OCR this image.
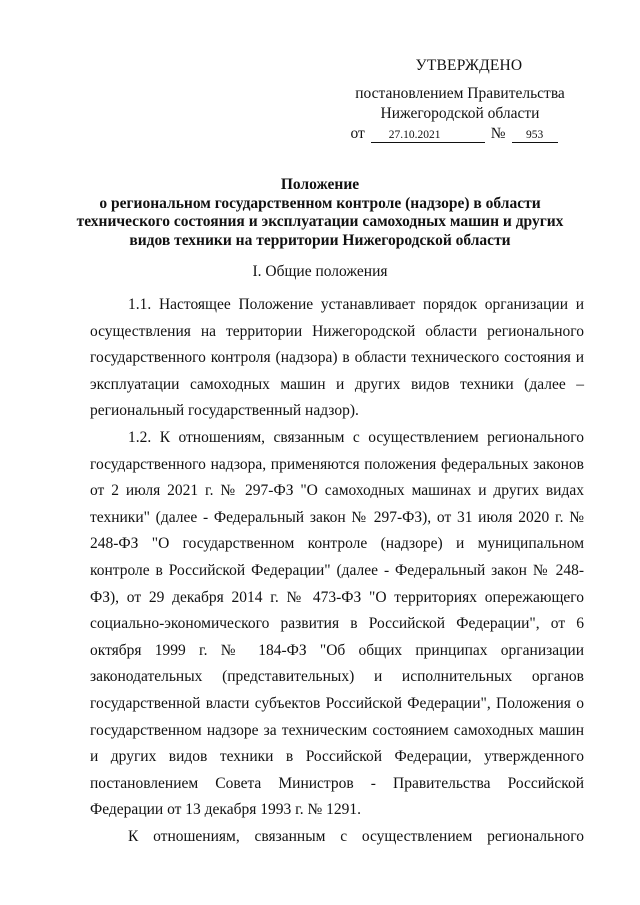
УТВЕРЖДЕНО
постановлением Правительства
Нижегородской области
от	27.10.2021	№	953
Положение
о региональном государственном контроле (надзоре) в области
технического состояния и эксплуатации самоходных машин и других
видов техники на территории Нижегородской области
I. Общие положения

1.1. Настоящее Положение устанавливает порядок организации и осуществления на территории Нижегородской области регионального государственного контроля (надзора) в области технического состояния и эксплуатации самоходных машин и других видов техники (далее – региональный государственный надзор).

1.2. К отношениям, связанным с осуществлением регионального государственного надзора, применяются положения федеральных законов от 2 июля 2021 г. № 297-ФЗ "О самоходных машинах и других видах техники" (далее - Федеральный закон № 297-ФЗ), от 31 июля 2020 г. № 248-ФЗ "О государственном контроле (надзоре) и муниципальном контроле в Российской Федерации" (далее - Федеральный закон № 248-ФЗ), от 29 декабря 2014 г. № 473-ФЗ "О территориях опережающего социально-экономического развития в Российской Федерации", от 6 октября 1999 г. № 184-ФЗ "Об общих принципах организации законодательных (представительных) и исполнительных органов государственной власти субъектов Российской Федерации", Положения о государственном надзоре за техническим состоянием самоходных машин и других видов техники в Российской Федерации, утвержденного постановлением Совета Министров - Правительства Российской Федерации от 13 декабря 1993 г. № 1291.

К отношениям, связанным с осуществлением регионального
